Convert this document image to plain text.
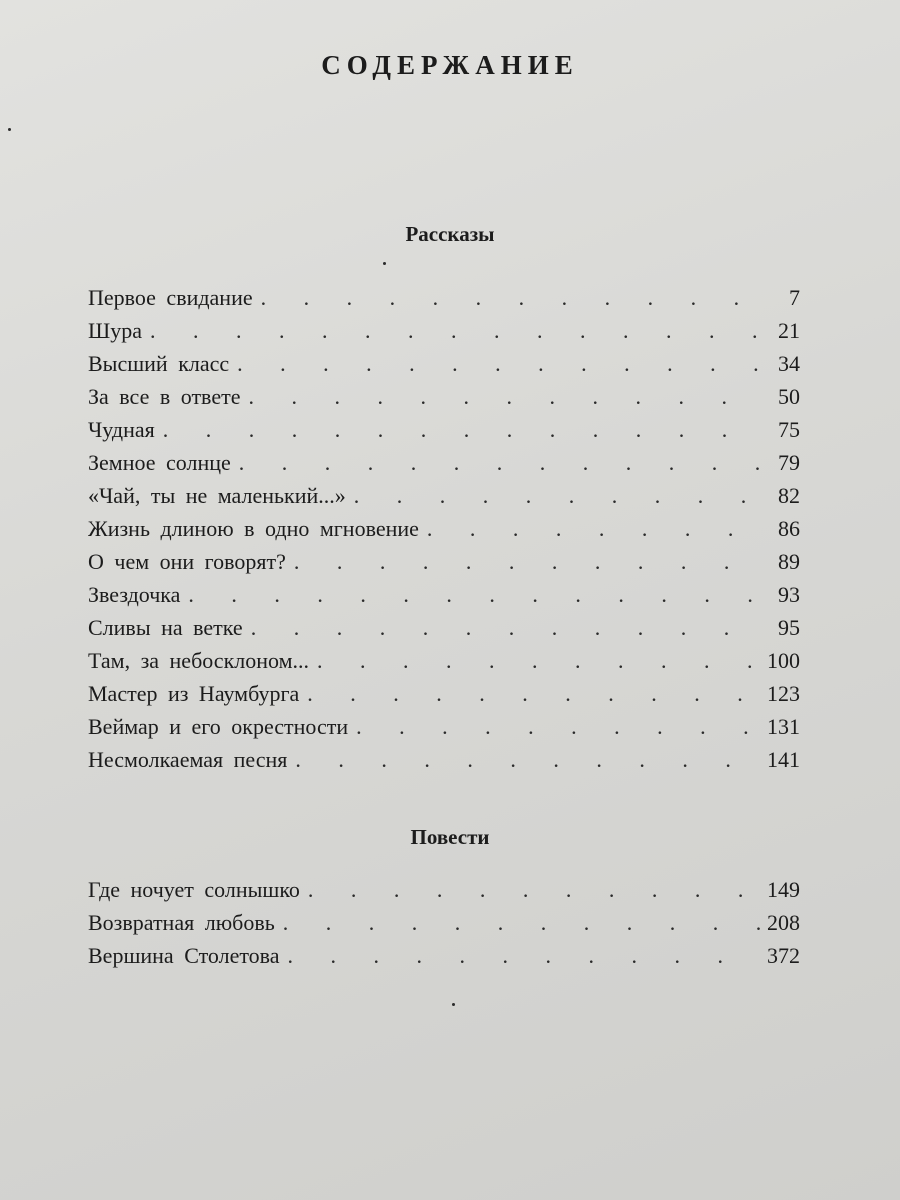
СОДЕРЖАНИЕ
Рассказы
Первое свидание . . .	7
Шура . . .	21
Высший класс . . .	34
За все в ответе . . .	50
Чудная . . .	75
Земное солнце . . .	79
«Чай, ты не маленький...» . . .	82
Жизнь длиною в одно мгновение . . .	86
О чем они говорят? . . .	89
Звездочка . . .	93
Сливы на ветке . . .	95
Там, за небосклоном... . . .	100
Мастер из Наумбурга . . .	123
Веймар и его окрестности . . .	131
Несмолкаемая песня . . .	141
Повести
Где ночует солнышко . . .	149
Возвратная любовь . . .	208
Вершина Столетова . . .	372
